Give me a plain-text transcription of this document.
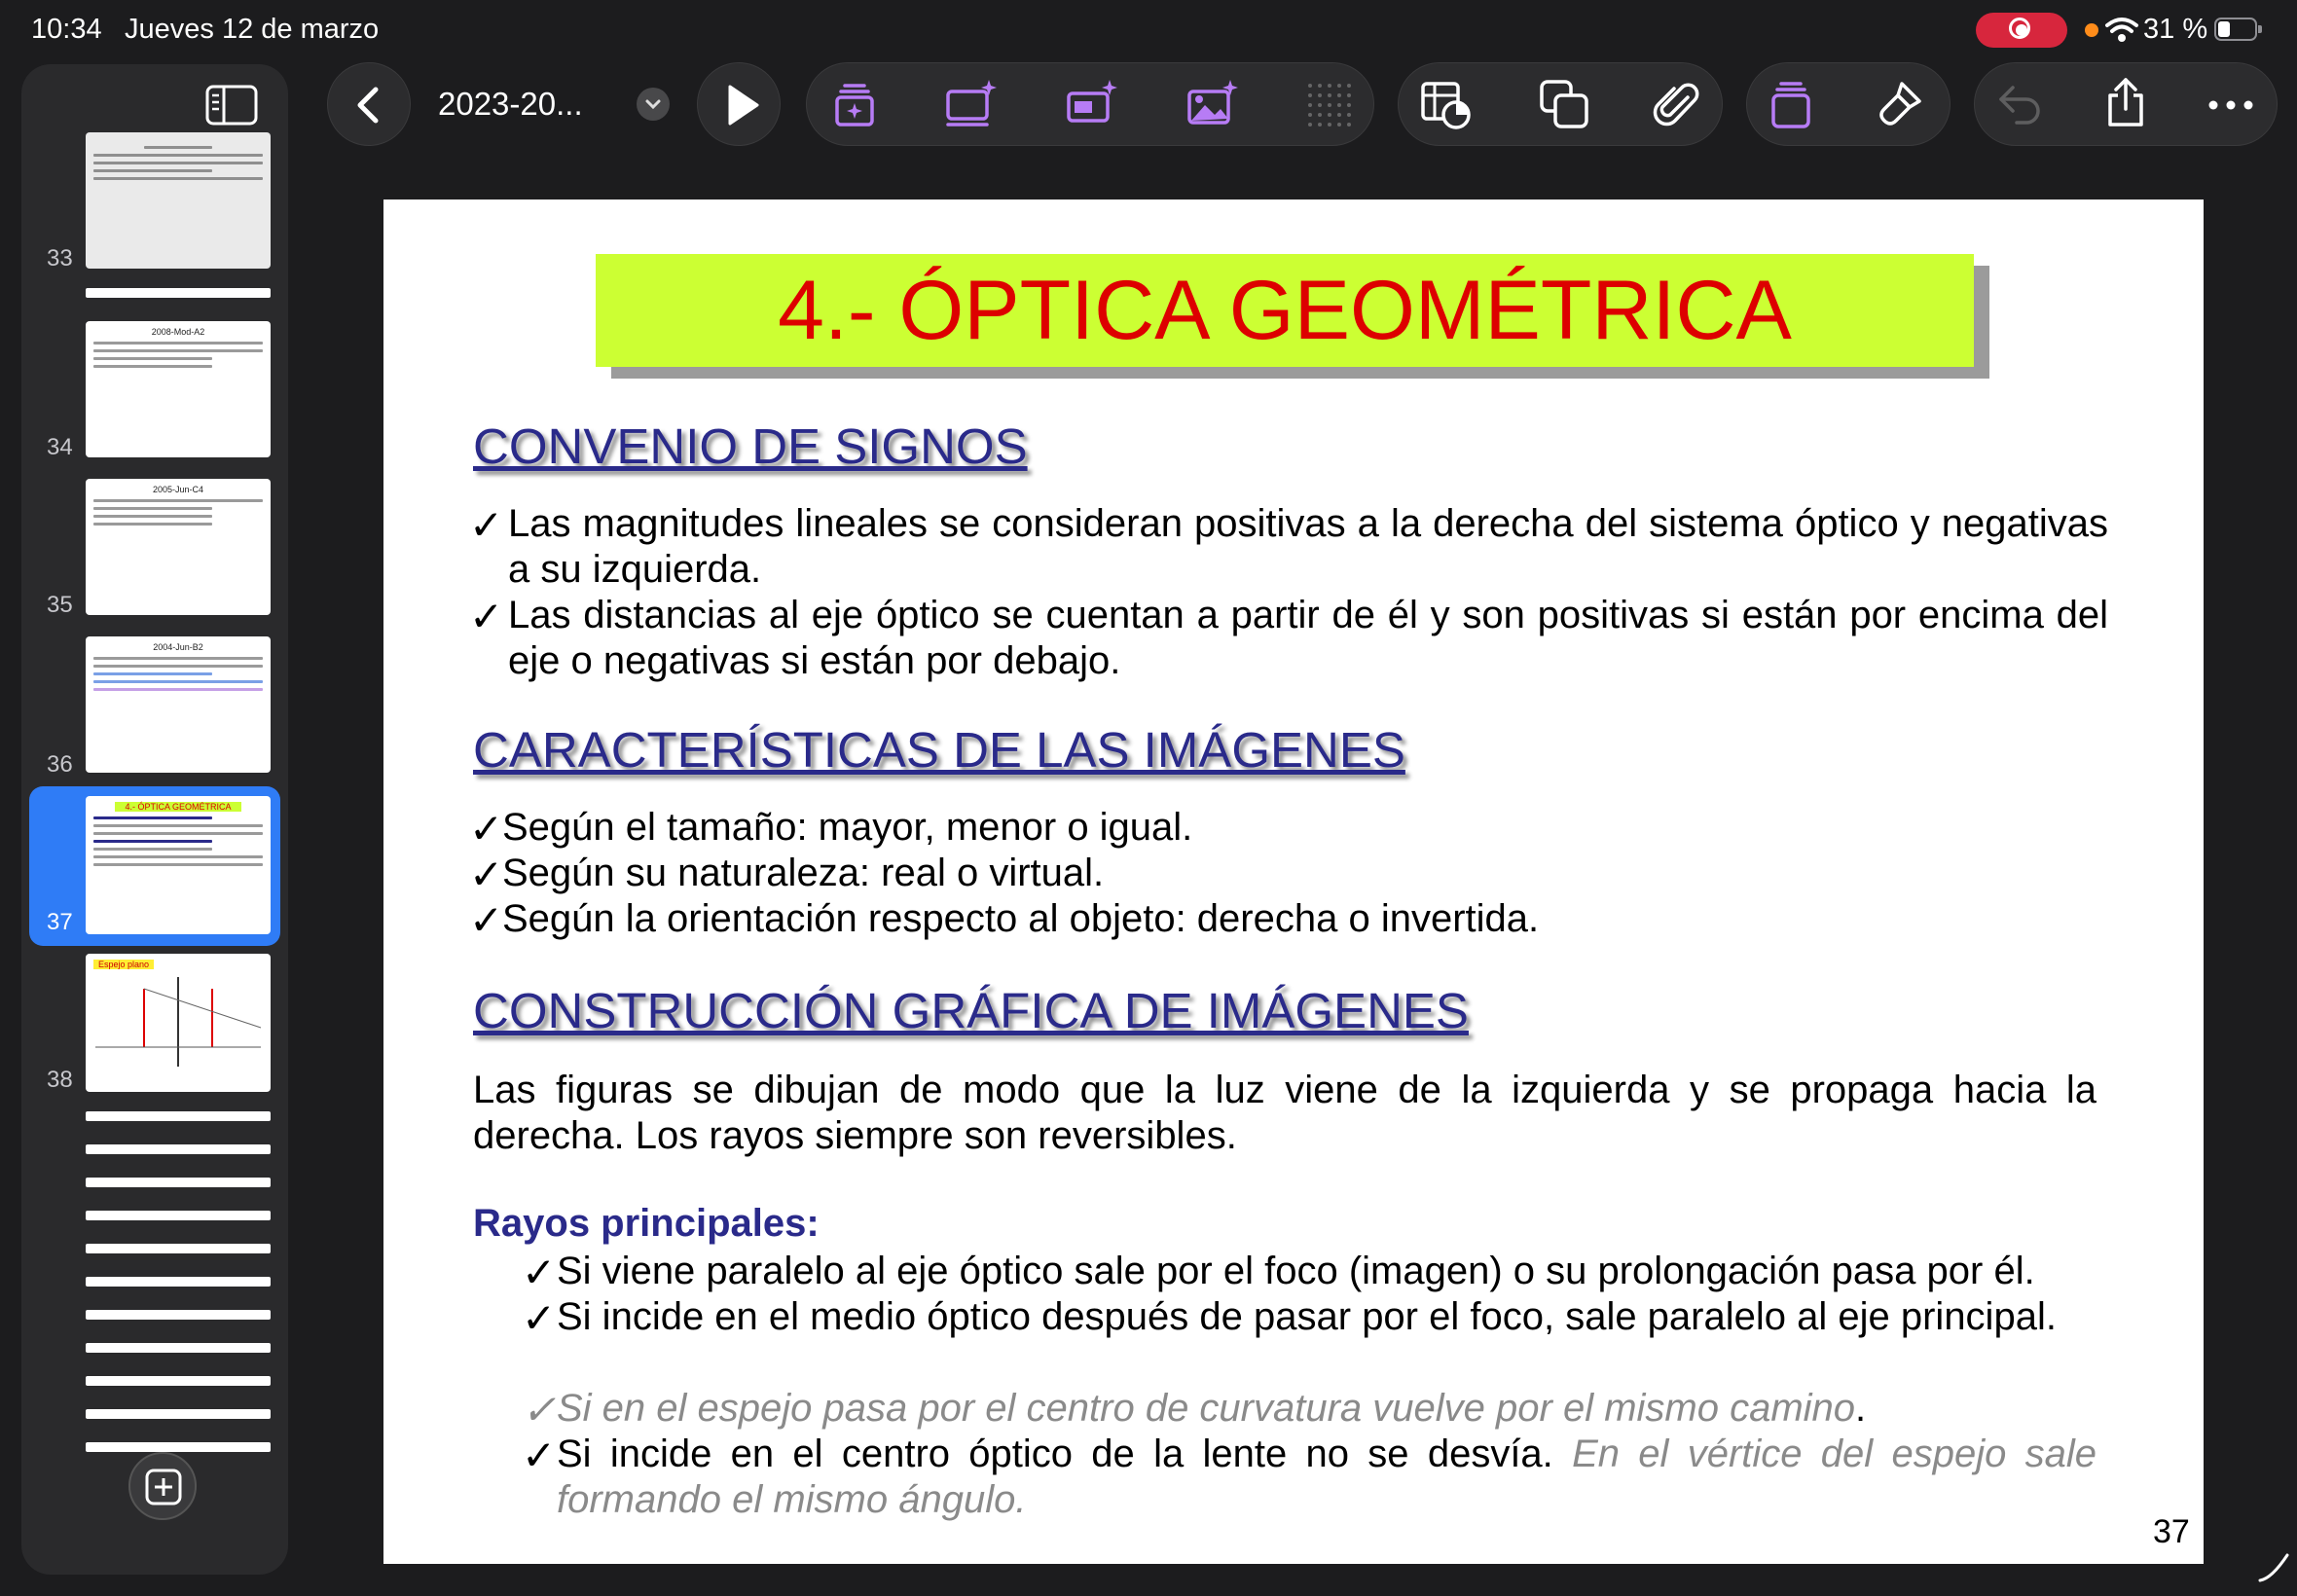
10:34 Jueves 12 de marzo	31 %
33
34
2008-Mod-A2
35
2005-Jun-C4
36
2004-Jun-B2
37
4.- ÓPTICA GEOMÉTRICA
38
Espejo plano
2023-20...
4.- ÓPTICA GEOMÉTRICA
CONVENIO DE SIGNOS
✓ Las magnitudes lineales se consideran positivas a la derecha del sistema óptico y negativas a su izquierda.
✓ Las distancias al eje óptico se cuentan a partir de él y son positivas si están por encima del eje o negativas si están por debajo.
CARACTERÍSTICAS DE LAS IMÁGENES
✓
Según el tamaño: mayor, menor o igual.
✓
Según su naturaleza: real o virtual.
✓
Según la orientación respecto al objeto: derecha o invertida.
CONSTRUCCIÓN GRÁFICA DE IMÁGENES
Las figuras se dibujan de modo que la luz viene de la izquierda y se propaga hacia la derecha. Los rayos siempre son reversibles.
Rayos principales:
✓ Si viene paralelo al eje óptico sale por el foco (imagen) o su prolongación pasa por él.
✓ Si incide en el medio óptico después de pasar por el foco, sale paralelo al eje principal.
✓ Si en el espejo pasa por el centro de curvatura vuelve por el mismo camino.
✓ Si incide en el centro óptico de la lente no se desvía. En el vértice del espejo sale formando el mismo ángulo.
37
